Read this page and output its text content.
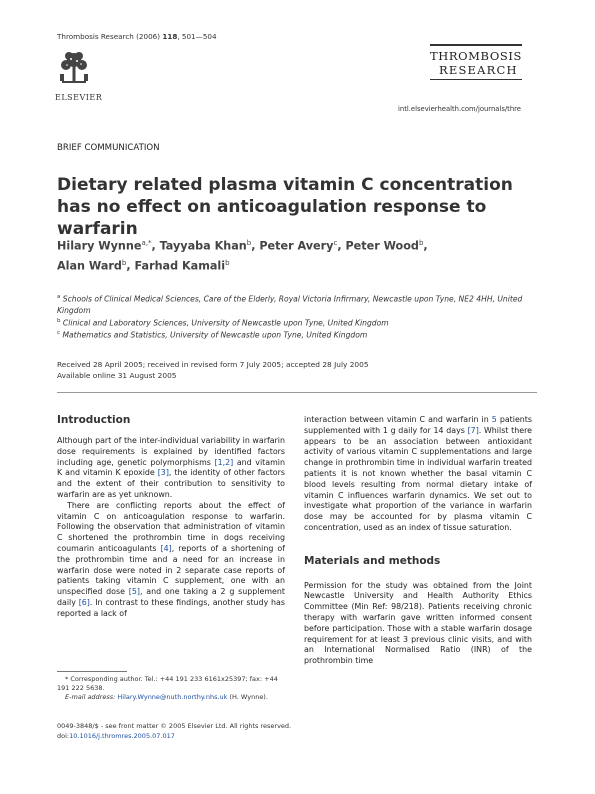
Thrombosis Research (2006) 118, 501—504
ELSEVIER
THROMBOSIS
RESEARCH
intl.elsevierhealth.com/journals/thre
BRIEF COMMUNICATION
Dietary related plasma vitamin C concentration has no effect on anticoagulation response to warfarin
Hilary Wynne$^{a,*}$, Tayyaba Khan$^b$, Peter Avery$^c$, Peter Wood$^b$,
Alan Ward$^b$, Farhad Kamali$^b$
$^a$ Schools of Clinical Medical Sciences, Care of the Elderly, Royal Victoria Infirmary, Newcastle upon Tyne, NE2 4HH, United Kingdom
$^b$ Clinical and Laboratory Sciences, University of Newcastle upon Tyne, United Kingdom
$^c$ Mathematics and Statistics, University of Newcastle upon Tyne, United Kingdom
Received 28 April 2005; received in revised form 7 July 2005; accepted 28 July 2005
Available online 31 August 2005
Introduction

Although part of the inter-individual variability in warfarin dose requirements is explained by identified factors including age, genetic polymorphisms [1,2] and vitamin K and vitamin K epoxide [3], the identity of other factors and the extent of their contribution to sensitivity to warfarin are as yet unknown.

There are conflicting reports about the effect of vitamin C on anticoagulation response to warfarin. Following the observation that administration of vitamin C shortened the prothrombin time in dogs receiving coumarin anticoagulants [4], reports of a shortening of the prothrombin time and a need for an increase in warfarin dose were noted in 2 separate case reports of patients taking vitamin C supplement, one with an unspecified dose [5], and one taking a 2 g supplement daily [6]. In contrast to these findings, another study has reported a lack of

interaction between vitamin C and warfarin in 5 patients supplemented with 1 g daily for 14 days [7]. Whilst there appears to be an association between antioxidant activity of various vitamin C supplementations and large change in prothrombin time in individual warfarin treated patients it is not known whether the basal vitamin C blood levels resulting from normal dietary intake of vitamin C influences warfarin dynamics. We set out to investigate what proportion of the variance in warfarin dose may be accounted for by plasma vitamin C concentration, used as an index of tissue saturation.

Materials and methods

Permission for the study was obtained from the Joint Newcastle University and Health Authority Ethics Committee (Min Ref: 98/218). Patients receiving chronic therapy with warfarin gave written informed consent before participation. Those with a stable warfarin dosage requirement for at least 3 previous clinic visits, and with an International Normalised Ratio (INR) of the prothrombin time

* Corresponding author. Tel.: +44 191 233 6161x25397; fax: +44 191 222 5638.
E-mail address: Hilary.Wynne@nuth.northy.nhs.uk (H. Wynne).
0049-3848/$ - see front matter © 2005 Elsevier Ltd. All rights reserved.
doi:10.1016/j.thromres.2005.07.017
